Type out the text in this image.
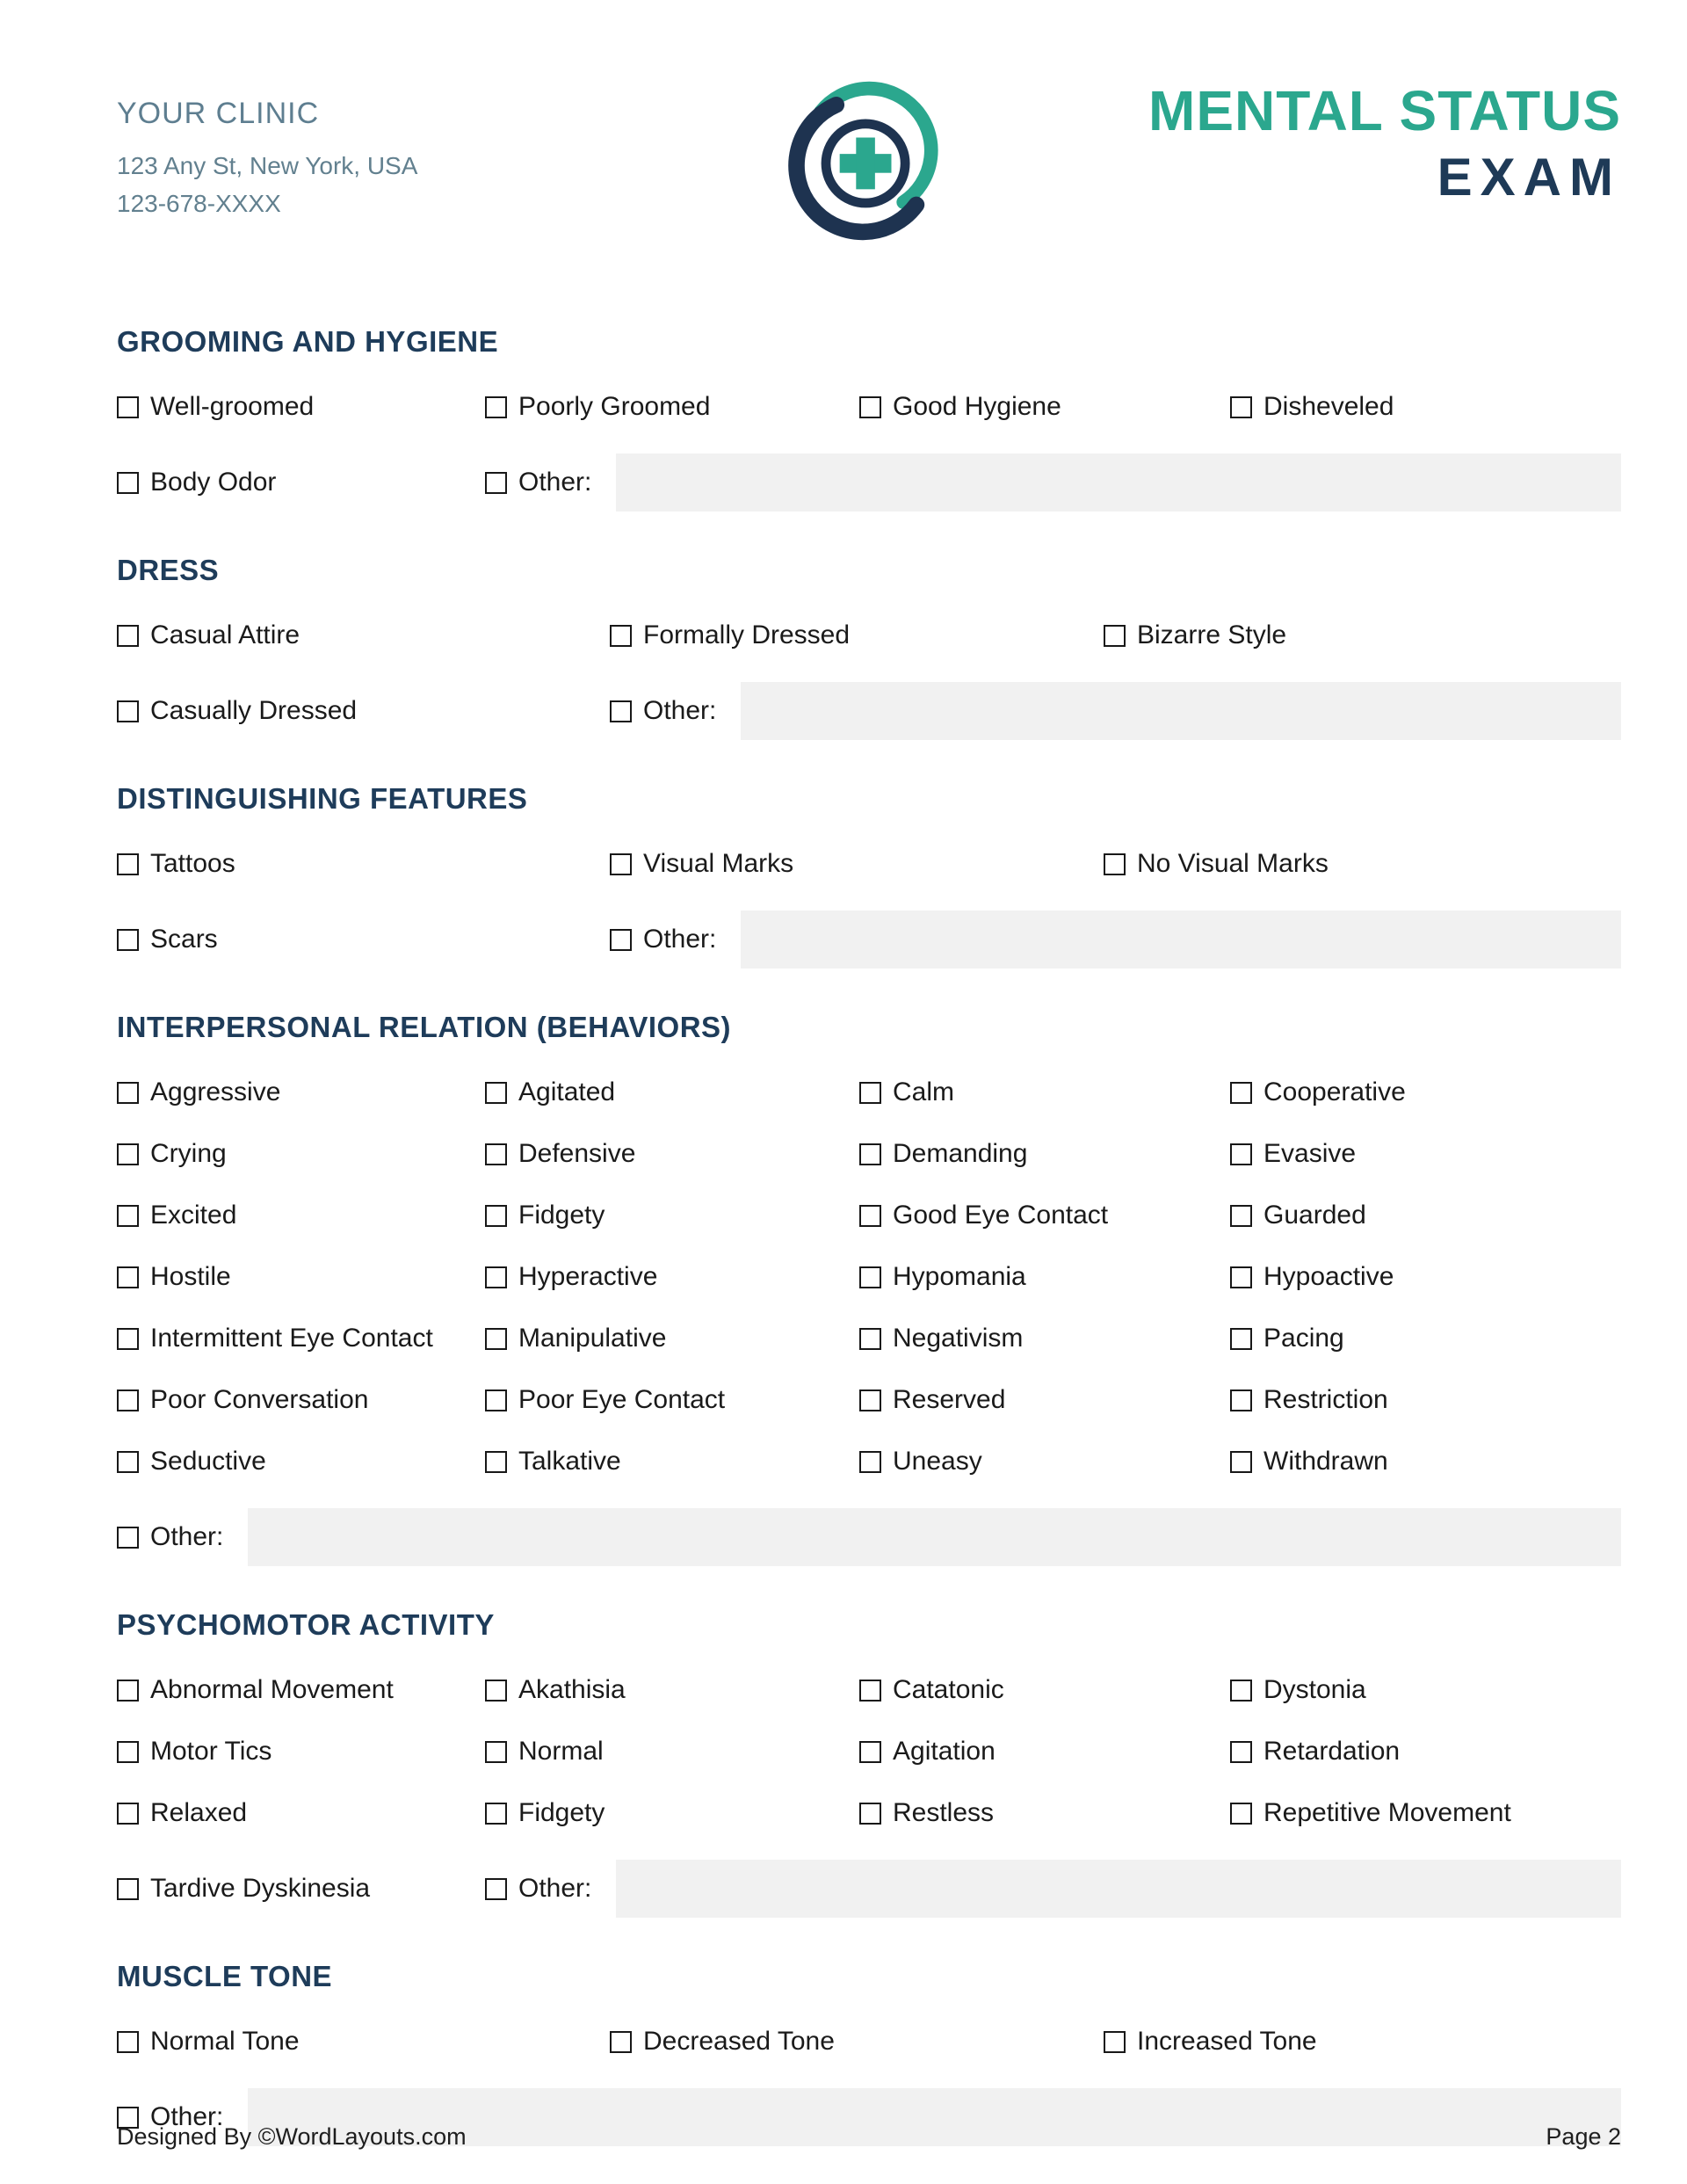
YOUR CLINIC
123 Any St, New York, USA
123-678-XXXX
MENTAL STATUS
EXAM
GROOMING AND HYGIENE
Well-groomed	Poorly Groomed	Good Hygiene	Disheveled
Body Odor	Other:
DRESS
Casual Attire	Formally Dressed	Bizarre Style
Casually Dressed	Other:
DISTINGUISHING FEATURES
Tattoos	Visual Marks	No Visual Marks
Scars	Other:
INTERPERSONAL RELATION (BEHAVIORS)
Aggressive	Agitated	Calm	Cooperative
Crying	Defensive	Demanding	Evasive
Excited	Fidgety	Good Eye Contact	Guarded
Hostile	Hyperactive	Hypomania	Hypoactive
Intermittent Eye Contact	Manipulative	Negativism	Pacing
Poor Conversation	Poor Eye Contact	Reserved	Restriction
Seductive	Talkative	Uneasy	Withdrawn
Other:
PSYCHOMOTOR ACTIVITY
Abnormal Movement	Akathisia	Catatonic	Dystonia
Motor Tics	Normal	Agitation	Retardation
Relaxed	Fidgety	Restless	Repetitive Movement
Tardive Dyskinesia	Other:
MUSCLE TONE
Normal Tone	Decreased Tone	Increased Tone
Other:
Designed By ©WordLayouts.com	Page 2
